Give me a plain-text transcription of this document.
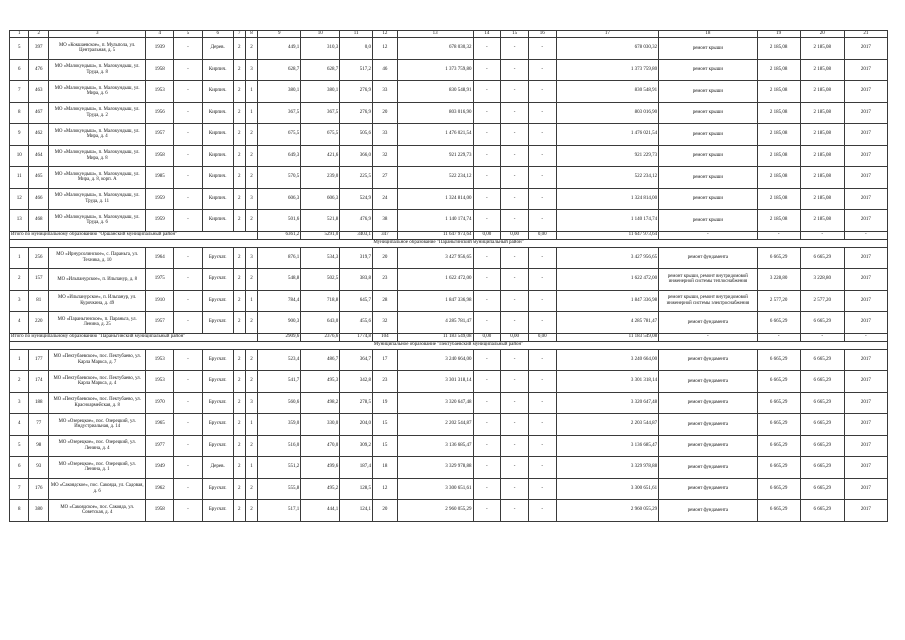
1	2	3	4	5	6	7	8	9	10	11	12	13	14	15	16	17	18	19	20	21
5	397	МО «Кокшаевское», п. Мульпола, ул. Центральная, д. 5	1939	-	Дерев.	2	2	449,1	310,3	0,0	12	678 030,32	-	-	-	678 030,32	ремонт крыши	2 185,08	2 185,08	2017
6	476	МО «Малокундыш», п. Малокундыш, ул. Труда, д. 8	1958	-	Кирпич.	2	3	628,7	628,7	517,2	46	1 373 759,80	-	-	-	1 373 759,80	ремонт крыши	2 185,08	2 185,08	2017
7	463	МО «Малокундыш», п. Малокундыш, ул. Мира, д. 6	1953	-	Кирпич.	2	1	380,1	380,1	276,9	33	830 548,91	-	-	-	830 548,91	ремонт крыши	2 185,08	2 185,08	2017
8	467	МО «Малокундыш», п. Малокундыш, ул. Труда, д. 2	1956	-	Кирпич.	2	1	367,5	367,5	276,9	20	803 016,90	-	-	-	803 016,90	ремонт крыши	2 185,08	2 185,08	2017
9	462	МО «Малокундыш», п. Малокундыш, ул. Мира, д. 4	1957	-	Кирпич.	2	2	675,5	675,5	505,6	33	1 476 021,54	-	-	-	1 476 021,54	ремонт крыши	2 185,08	2 185,08	2017
10	464	МО «Малокундыш», п. Малокундыш, ул. Мира, д. 8	1958	-	Кирпич.	2	2	649,3	421,6	366,0	32	921 229,73	-	-	-	921 229,73	ремонт крыши	2 185,08	2 185,08	2017
11	465	МО «Малокундыш», п. Малокундыш, ул. Мира, д. 8, корп. А	1985	-	Кирпич.	2	2	570,5	239,0	225,5	27	522 234,12	-	-	-	522 234,12	ремонт крыши	2 185,08	2 185,08	2017
12	466	МО «Малокундыш», п. Малокундыш, ул. Труда, д. 11	1959	-	Кирпич.	2	3	606,3	606,3	524,9	24	1 324 814,00	-	-	-	1 324 814,00	ремонт крыши	2 185,08	2 185,08	2017
13	468	МО «Малокундыш», п. Малокундыш, ул. Труда, д. 6	1959	-	Кирпич.	2	2	501,6	521,8	476,9	38	1 140 174,74	-	-	-	1 140 174,74	ремонт крыши	2 185,08	2 185,08	2017
Итого по муниципальному образованию "Оршанский муниципальный район"								6361,2	5291,0	3403,1	347	11 647 973,64	0,00	0,00	0,00	11 647 973,64	-	-	-	-
Муниципальное образование "Параньгинский муниципальный район"																				
1	256	МО «Ирнурсолинское», с. Параньга, ул. Техника, д. 10	1964	-	Брусчат.	2	3	876,1	534,3	319,7	20	3 427 956,65	-	-	-	3 427 956,65	ремонт фундамента	6 665,29	6 665,29	2017
2	157	МО «Ильпанурское», п. Ильпанур, д. 8	1975	-	Брусчат.	2	2	548,8	502,5	383,8	23	1 622 472,00	-	-	-	1 622 472,00	ремонт крыши, ремонт внутридомовой инженерной системы теплоснабжения	3 228,80	3 228,80	2017
3	81	МО «Ильпанурское», п. Ильпанур, ул. Курочкина, д. 49	1910	-	Брусчат.	2	1	784,4	718,8	645,7	28	1 847 336,98	-	-	-	1 847 336,98	ремонт крыши, ремонт внутридомовой инженерной системы электроснабжения	2 577,20	2 577,20	2017
4	220	МО «Параньгинское», п. Параньга, ул. Ленина, д. 25	1957	-	Брусчат.	2	2	900,3	643,0	455,6	32	4 285 781,47	-	-	-	4 285 781,47	ремонт фундамента	6 665,29	6 665,29	2017
Итого по муниципальному образованию "Параньгинский муниципальный район"								2909,6	2376,6	1774,8	104	11 183 549,08	0,00	0,00	0,00	11 183 549,08	-	-	-	-
Муниципальное образование "Пектубаевский муниципальный район"																				
1	177	МО «Пектубаевское», пос. Пектубаево, ул. Карла Маркса, д. 7	1953	-	Брусчат.	2	2	523,4	486,7	364,7	17	3 240 664,00	-	-	-	3 240 664,00	ремонт фундамента	6 665,29	6 665,29	2017
2	174	МО «Пектубаевское», пос. Пектубаево, ул. Карла Маркса, д. 4	1953	-	Брусчат.	2	2	541,7	495,3	342,8	23	3 301 318,14	-	-	-	3 301 318,14	ремонт фундамента	6 665,29	6 665,29	2017
3	188	МО «Пектубаевское», пос. Пектубаево, ул. Красноармейская, д. 8	1970	-	Брусчат.	2	3	560,6	498,2	278,5	19	3 320 647,48	-	-	-	3 320 647,48	ремонт фундамента	6 665,29	6 665,29	2017
4	77	МО «Озерецкое», пос. Озерецкий, ул. Индустриальная, д. 14	1965	-	Брусчат.	2	1	359,0	330,0	204,0	15	2 202 544,87	-	-	-	2 203 544,87	ремонт фундамента	6 665,29	6 665,29	2017
5	98	МО «Озерецкое», пос. Озерецкий, ул. Ленина, д. 4	1977	-	Брусчат.	2	2	516,0	470,0	309,2	15	3 136 685,47	-	-	-	3 136 685,47	ремонт фундамента	6 665,29	6 665,29	2017
6	93	МО «Озерецкое», пос. Озерецкий, ул. Ленина, д. 1	1949	-	Дерев.	2	1	551,2	499,6	187,4	18	3 329 978,88	-	-	-	3 329 978,88	ремонт фундамента	6 665,29	6 665,29	2017
7	176	МО «Сакоядское», пос. Сакояда, ул. Садовая, д. 6	1962	-	Брусчат.	2	2	555,8	495,2	128,5	12	3 300 651,61	-	-	-	3 300 651,61	ремонт фундамента	6 665,29	6 665,29	2017
8	380	МО «Сакоядское», пос. Сакояда, ул. Советская, д. 4	1958	-	Брусчат.	2	2	517,1	444,1	124,1	20	2 960 055,29	-	-	-	2 960 055,29	ремонт фундамента	6 665,29	6 665,29	2017
